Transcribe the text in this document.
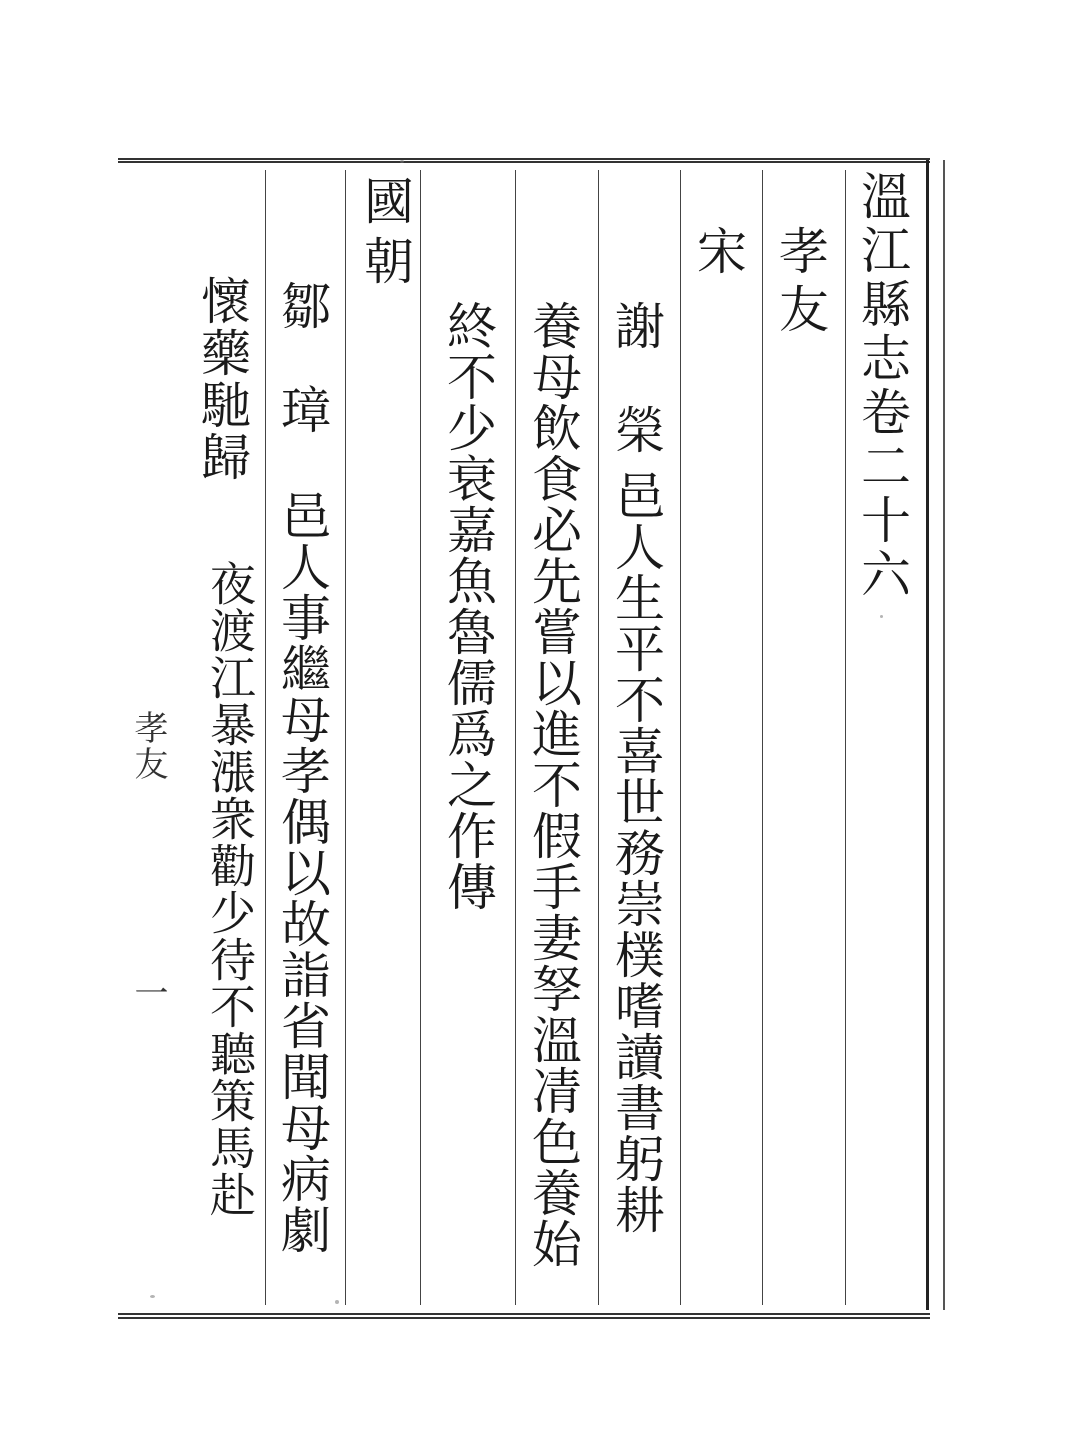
溫江縣志卷二十六
孝友
宋
謝　榮
邑人生平不喜世務崇樸嗜讀書躬耕
養母飲食必先嘗以進不假手妻孥溫凊色養始
終不少衰嘉魚魯儒爲之作傳
國朝
鄒　璋
邑人事繼母孝偶以故詣省聞母病劇
懷藥馳歸
夜渡江暴漲衆勸少待不聽策馬赴
孝友
一
